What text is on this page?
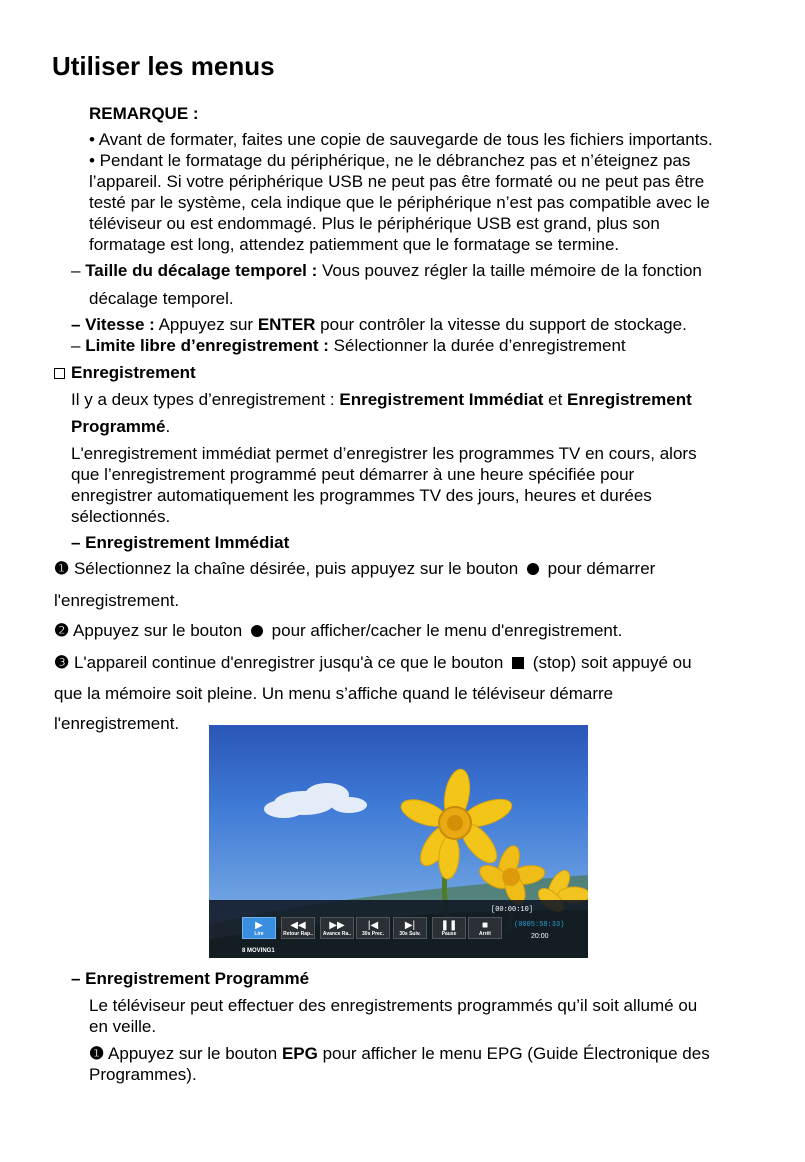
Utiliser les menus
REMARQUE :
• Avant de formater, faites une copie de sauvegarde de tous les fichiers importants.
• Pendant le formatage du périphérique, ne le débranchez pas et n’éteignez pas
l’appareil. Si votre périphérique USB ne peut pas être formaté ou ne peut pas être
testé par le système, cela indique que le périphérique n’est pas compatible avec le
téléviseur ou est endommagé. Plus le périphérique USB est grand, plus son
formatage est long, attendez patiemment que le formatage se termine.
– Taille du décalage temporel : Vous pouvez régler la taille mémoire de la fonction
décalage temporel.
– Vitesse : Appuyez sur ENTER pour contrôler la vitesse du support de stockage.
– Limite libre d’enregistrement : Sélectionner la durée d’enregistrement
Enregistrement
Il y a deux types d’enregistrement : Enregistrement Immédiat et Enregistrement
Programmé.
L'enregistrement immédiat permet d’enregistrer les programmes TV en cours, alors
que l’enregistrement programmé peut démarrer à une heure spécifiée pour
enregistrer automatiquement les programmes TV des jours, heures et durées
sélectionnés.
– Enregistrement Immédiat
❶ Sélectionnez la chaîne désirée, puis appuyez sur le bouton  pour démarrer
l'enregistrement.
❷ Appuyez sur le bouton  pour afficher/cacher le menu d'enregistrement.
❸ L'appareil continue d'enregistrer jusqu'à ce que le bouton  (stop) soit appuyé ou
que la mémoire soit pleine. Un menu s’affiche quand le téléviseur démarre
l'enregistrement.
[00:00:10]
▶
Lire
◀◀
Retour Rap..
▶▶
Avance Ra..
|◀
30s Prec.
▶|
30s Suiv.
❚❚
Pause
■
Arrêt
(0005:58:33)
20:00
8 MOVING1
– Enregistrement Programmé
Le téléviseur peut effectuer des enregistrements programmés qu’il soit allumé ou
en veille.
❶ Appuyez sur le bouton EPG pour afficher le menu EPG (Guide Électronique des
Programmes).
